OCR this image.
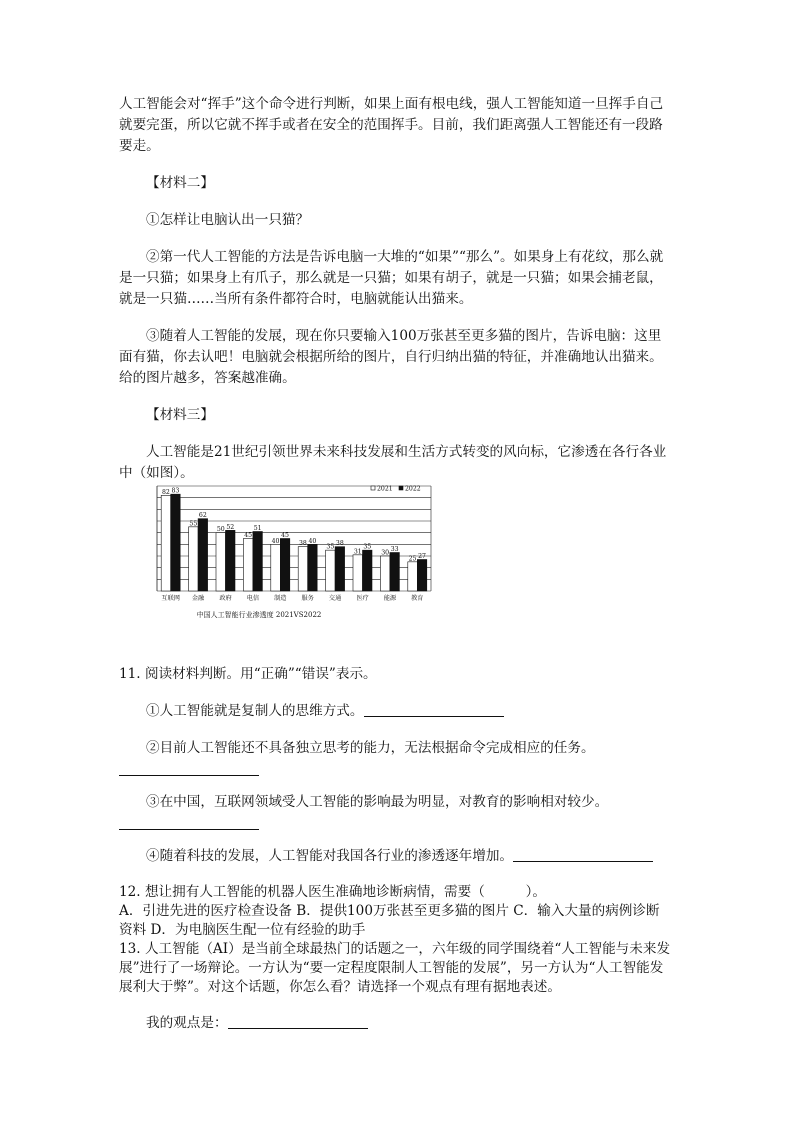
人工智能会对“挥手”这个命令进行判断，如果上面有根电线，强人工智能知道一旦挥手自己就要完蛋，所以它就不挥手或者在安全的范围挥手。目前，我们距离强人工智能还有一段路要走。

【材料二】

①怎样让电脑认出一只猫？

②第一代人工智能的方法是告诉电脑一大堆的“如果”“那么”。如果身上有花纹，那么就是一只猫；如果身上有爪子，那么就是一只猫；如果有胡子，就是一只猫；如果会捕老鼠，就是一只猫……当所有条件都符合时，电脑就能认出猫来。

③随着人工智能的发展，现在你只要输入100万张甚至更多猫的图片，告诉电脑：这里面有猫，你去认吧！电脑就会根据所给的图片，自行归纳出猫的特征，并准确地认出猫来。给的图片越多，答案越准确。

【材料三】

人工智能是21世纪引领世界未来科技发展和生活方式转变的风向标，它渗透在各行各业中（如图）。

11. 阅读材料判断。用“正确”“错误”表示。

①人工智能就是复制人的思维方式。

②目前人工智能还不具备独立思考的能力，无法根据命令完成相应的任务。

③在中国，互联网领域受人工智能的影响最为明显，对教育的影响相对较少。

④随着科技的发展，人工智能对我国各行业的渗透逐年增加。

12. 想让拥有人工智能的机器人医生准确地诊断病情，需要（　　　）。

A．引进先进的医疗检查设备 B．提供100万张甚至更多猫的图片 C．输入大量的病例诊断资料 D．为电脑医生配一位有经验的助手

13. 人工智能（AI）是当前全球最热门的话题之一，六年级的同学围绕着“人工智能与未来发展”进行了一场辩论。一方认为“要一定程度限制人工智能的发展”，另一方认为“人工智能发展利大于弊”。对这个话题，你怎么看？请选择一个观点有理有据地表述。

我的观点是：

82 83
互联网
55
62
金融
50 52
政府
45
51
电信
40
45
制造
38 40
服务
35 38
交通
31
35
医疗
30 33
能源
25 27
教育
2021 2022
中国人工智能行业渗透度 2021VS2022
